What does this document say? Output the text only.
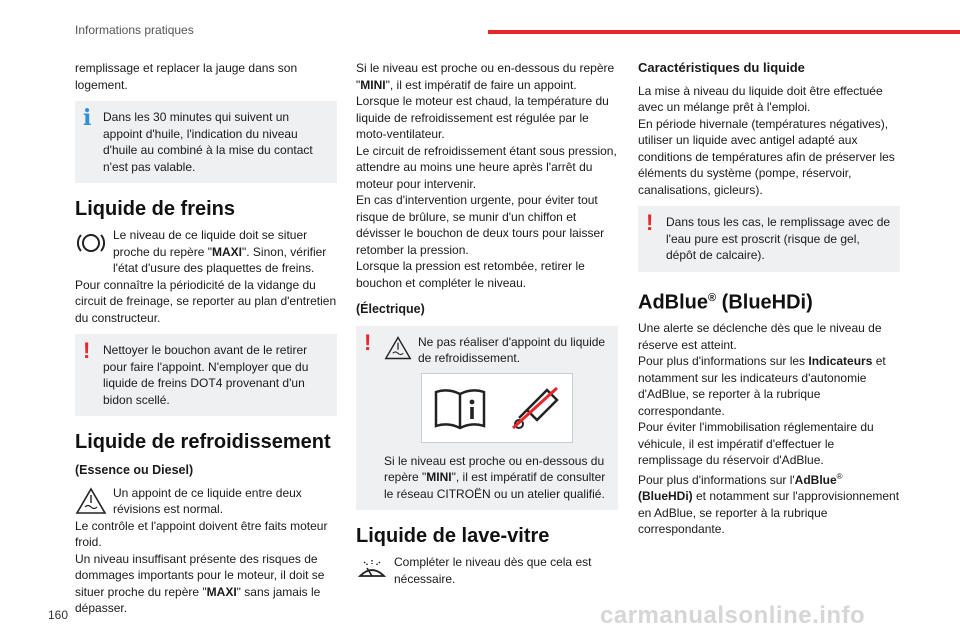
Informations pratiques

remplissage et replacer la jauge dans son logement.

i Dans les 30 minutes qui suivent un appoint d'huile, l'indication du niveau d'huile au combiné à la mise du contact n'est pas valable.
Liquide de freins

Le niveau de ce liquide doit se situer proche du repère "MAXI". Sinon, vérifier l'état d'usure des plaquettes de freins.

Pour connaître la périodicité de la vidange du circuit de freinage, se reporter au plan d'entretien du constructeur.

! Nettoyer le bouchon avant de le retirer pour faire l'appoint. N'employer que du liquide de freins DOT4 provenant d'un bidon scellé.
Liquide de refroidissement
(Essence ou Diesel)

Un appoint de ce liquide entre deux révisions est normal.

Le contrôle et l'appoint doivent être faits moteur froid.

Un niveau insuffisant présente des risques de dommages importants pour le moteur, il doit se situer proche du repère "MAXI" sans jamais le dépasser.

Si le niveau est proche ou en-dessous du repère "MINI", il est impératif de faire un appoint.

Lorsque le moteur est chaud, la température du liquide de refroidissement est régulée par le moto-ventilateur.

Le circuit de refroidissement étant sous pression, attendre au moins une heure après l'arrêt du moteur pour intervenir.

En cas d'intervention urgente, pour éviter tout risque de brûlure, se munir d'un chiffon et dévisser le bouchon de deux tours pour laisser retomber la pression.

Lorsque la pression est retombée, retirer le bouchon et compléter le niveau.

(Électrique)
!	Ne pas réaliser d'appoint du liquide de refroidissement.

Si le niveau est proche ou en-dessous du repère "MINI", il est impératif de consulter le réseau CITROËN ou un atelier qualifié.

Liquide de lave-vitre

Compléter le niveau dès que cela est nécessaire.

Caractéristiques du liquide

La mise à niveau du liquide doit être effectuée avec un mélange prêt à l'emploi.

En période hivernale (températures négatives), utiliser un liquide avec antigel adapté aux conditions de températures afin de préserver les éléments du système (pompe, réservoir, canalisations, gicleurs).

! Dans tous les cas, le remplissage avec de l'eau pure est proscrit (risque de gel, dépôt de calcaire).
AdBlue® (BlueHDi)

Une alerte se déclenche dès que le niveau de réserve est atteint.

Pour plus d'informations sur les Indicateurs et notamment sur les indicateurs d'autonomie d'AdBlue, se reporter à la rubrique correspondante.

Pour éviter l'immobilisation réglementaire du véhicule, il est impératif d'effectuer le remplissage du réservoir d'AdBlue.

Pour plus d'informations sur l'AdBlue® (BlueHDi) et notamment sur l'approvisionnement en AdBlue, se reporter à la rubrique correspondante.

160	carmanualsonline.info
